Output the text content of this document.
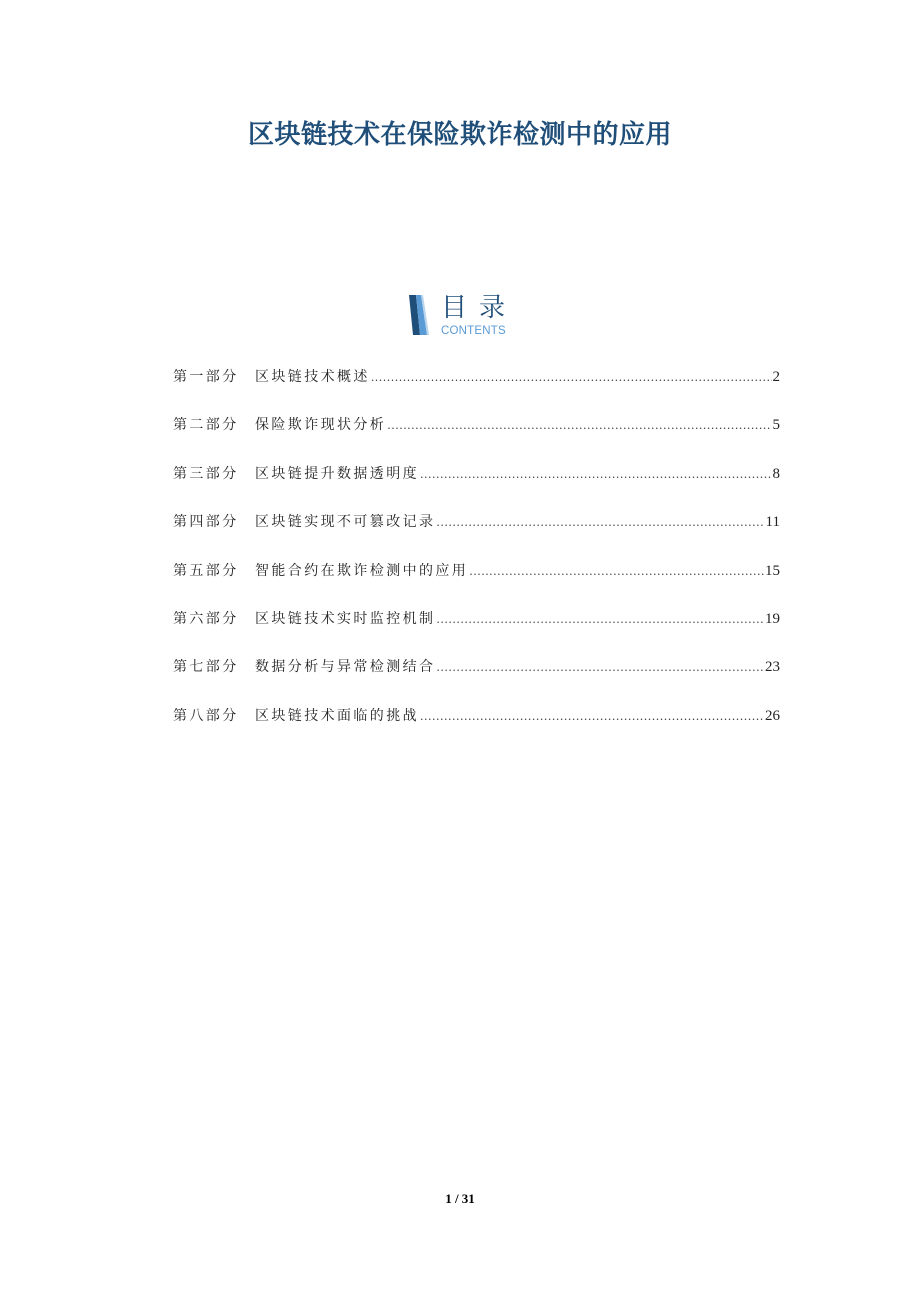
区块链技术在保险欺诈检测中的应用
目录
CONTENTS
第一部分	区块链技术概述 .....	2
第二部分	保险欺诈现状分析 .....	5
第三部分	区块链提升数据透明度 .....	8
第四部分	区块链实现不可篡改记录 .....	11
第五部分	智能合约在欺诈检测中的应用 .....	15
第六部分	区块链技术实时监控机制 .....	19
第七部分	数据分析与异常检测结合 .....	23
第八部分	区块链技术面临的挑战 .....	26
1 / 31
